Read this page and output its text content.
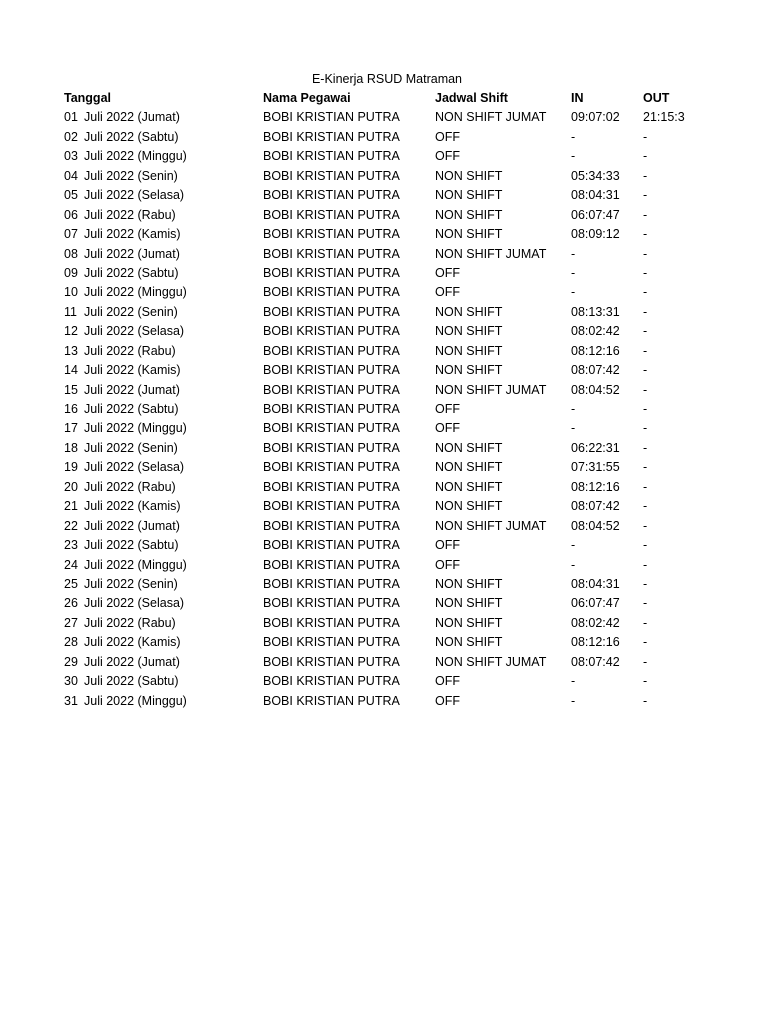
E-Kinerja RSUD Matraman
Tanggal	Nama Pegawai	Jadwal Shift	IN	OUT
01 Juli 2022 (Jumat)	BOBI KRISTIAN PUTRA	NON SHIFT JUMAT 09:07:02 21:15:3
02 Juli 2022 (Sabtu)	BOBI KRISTIAN PUTRA	OFF	-	-
03 Juli 2022 (Minggu)	BOBI KRISTIAN PUTRA	OFF	-	-
04 Juli 2022 (Senin)	BOBI KRISTIAN PUTRA	NON SHIFT	05:34:33 -
05 Juli 2022 (Selasa)	BOBI KRISTIAN PUTRA	NON SHIFT	08:04:31 -
06 Juli 2022 (Rabu)	BOBI KRISTIAN PUTRA	NON SHIFT	06:07:47 -
07 Juli 2022 (Kamis)	BOBI KRISTIAN PUTRA	NON SHIFT	08:09:12 -
08 Juli 2022 (Jumat)	BOBI KRISTIAN PUTRA	NON SHIFT JUMAT -	-
09 Juli 2022 (Sabtu)	BOBI KRISTIAN PUTRA	OFF	-	-
10 Juli 2022 (Minggu)	BOBI KRISTIAN PUTRA	OFF	-	-
11 Juli 2022 (Senin)	BOBI KRISTIAN PUTRA	NON SHIFT	08:13:31 -
12 Juli 2022 (Selasa)	BOBI KRISTIAN PUTRA	NON SHIFT	08:02:42 -
13 Juli 2022 (Rabu)	BOBI KRISTIAN PUTRA	NON SHIFT	08:12:16 -
14 Juli 2022 (Kamis)	BOBI KRISTIAN PUTRA	NON SHIFT	08:07:42 -
15 Juli 2022 (Jumat)	BOBI KRISTIAN PUTRA	NON SHIFT JUMAT 08:04:52 -
16 Juli 2022 (Sabtu)	BOBI KRISTIAN PUTRA	OFF	-	-
17 Juli 2022 (Minggu)	BOBI KRISTIAN PUTRA	OFF	-	-
18 Juli 2022 (Senin)	BOBI KRISTIAN PUTRA	NON SHIFT	06:22:31 -
19 Juli 2022 (Selasa)	BOBI KRISTIAN PUTRA	NON SHIFT	07:31:55 -
20 Juli 2022 (Rabu)	BOBI KRISTIAN PUTRA	NON SHIFT	08:12:16 -
21 Juli 2022 (Kamis)	BOBI KRISTIAN PUTRA	NON SHIFT	08:07:42 -
22 Juli 2022 (Jumat)	BOBI KRISTIAN PUTRA	NON SHIFT JUMAT 08:04:52 -
23 Juli 2022 (Sabtu)	BOBI KRISTIAN PUTRA	OFF	-	-
24 Juli 2022 (Minggu)	BOBI KRISTIAN PUTRA	OFF	-	-
25 Juli 2022 (Senin)	BOBI KRISTIAN PUTRA	NON SHIFT	08:04:31 -
26 Juli 2022 (Selasa)	BOBI KRISTIAN PUTRA	NON SHIFT	06:07:47 -
27 Juli 2022 (Rabu)	BOBI KRISTIAN PUTRA	NON SHIFT	08:02:42 -
28 Juli 2022 (Kamis)	BOBI KRISTIAN PUTRA	NON SHIFT	08:12:16 -
29 Juli 2022 (Jumat)	BOBI KRISTIAN PUTRA	NON SHIFT JUMAT 08:07:42 -
30 Juli 2022 (Sabtu)	BOBI KRISTIAN PUTRA	OFF	-	-
31 Juli 2022 (Minggu)	BOBI KRISTIAN PUTRA	OFF	-	-
